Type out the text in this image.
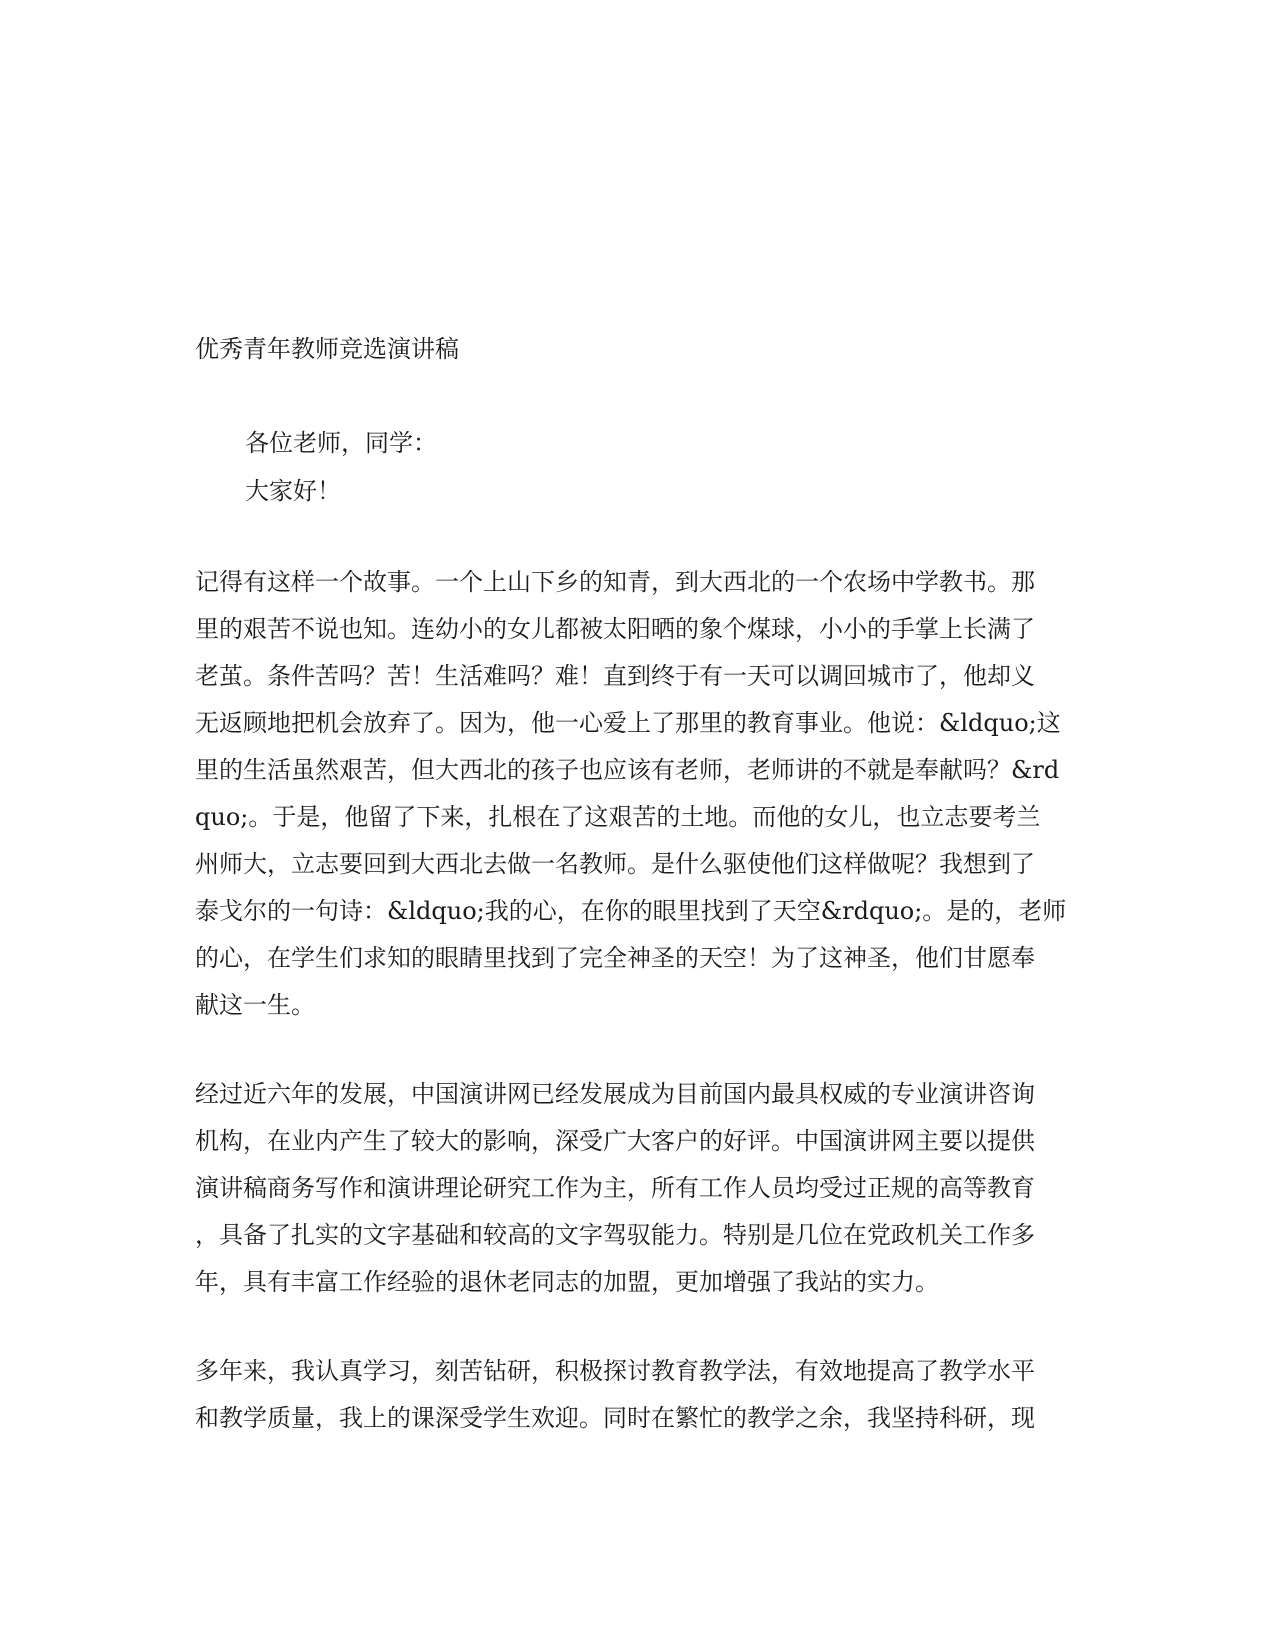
优秀青年教师竞选演讲稿

各位老师，同学：

大家好！

记得有这样一个故事。一个上山下乡的知青，到大西北的一个农场中学教书。那

里的艰苦不说也知。连幼小的女儿都被太阳晒的象个煤球，小小的手掌上长满了

老茧。条件苦吗？苦！生活难吗？难！直到终于有一天可以调回城市了，他却义

无返顾地把机会放弃了。因为，他一心爱上了那里的教育事业。他说：&ldquo;这

里的生活虽然艰苦，但大西北的孩子也应该有老师，老师讲的不就是奉献吗？&rd

quo;。于是，他留了下来，扎根在了这艰苦的土地。而他的女儿，也立志要考兰

州师大，立志要回到大西北去做一名教师。是什么驱使他们这样做呢？我想到了

泰戈尔的一句诗：&ldquo;我的心，在你的眼里找到了天空&rdquo;。是的，老师

的心，在学生们求知的眼睛里找到了完全神圣的天空！为了这神圣，他们甘愿奉

献这一生。

经过近六年的发展，中国演讲网已经发展成为目前国内最具权威的专业演讲咨询

机构，在业内产生了较大的影响，深受广大客户的好评。中国演讲网主要以提供

演讲稿商务写作和演讲理论研究工作为主，所有工作人员均受过正规的高等教育

，具备了扎实的文字基础和较高的文字驾驭能力。特别是几位在党政机关工作多

年，具有丰富工作经验的退休老同志的加盟，更加增强了我站的实力。

多年来，我认真学习，刻苦钻研，积极探讨教育教学法，有效地提高了教学水平

和教学质量，我上的课深受学生欢迎。同时在繁忙的教学之余，我坚持科研，现
